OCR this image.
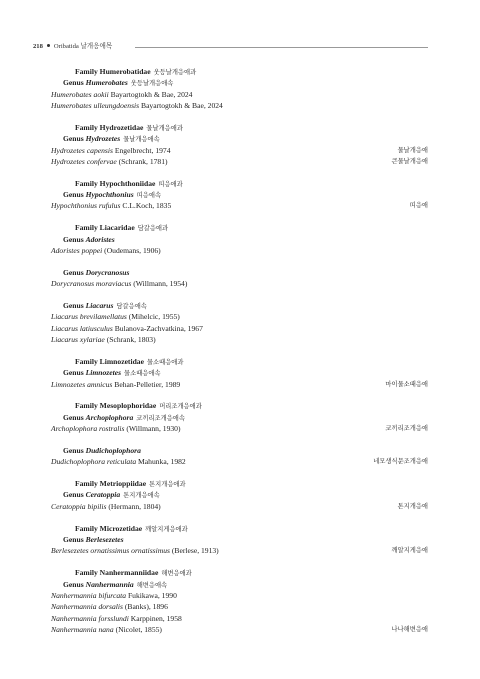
218 Oribatida 날개응애목
Family Humerobatidae 웃등날개응애과
Genus Humerobates 웃등날개응애속
Humerobates aokii Bayartogtokh & Bae, 2024
Humerobates ulleungdoensis Bayartogtokh & Bae, 2024
Family Hydrozetidae 물날개응애과
Genus Hydrozetes 물날개응애속
Hydrozetes capensis Engelbrecht, 1974	물날개응애
Hydrozetes confervae (Schrank, 1781)	큰물날개응애
Family Hypochthoniidae 띠응애과
Genus Hypochthonius 띠응애속
Hypochthonius rufulus C.L.Koch, 1835	띠응애
Family Liacaridae 담갈응애과
Genus Adoristes
Adoristes poppei (Oudemans, 1906)
Genus Dorycranosus
Dorycranosus moraviacus (Willmann, 1954)
Genus Liacarus 담갈응애속
Liacarus brevilamellatus (Mihelcic, 1955)
Liacarus latiusculus Bulanova-Zachvatkina, 1967
Liacarus xylariae (Schrank, 1803)
Family Limnozetidae 물소때응애과
Genus Limnozetes 물소때응애속
Limnozetes amnicus Behan-Pelletier, 1989	마이물소때응애
Family Mesoplophoridae 머리조개응애과
Genus Archoplophora 코끼리조개응애속
Archoplophora rostralis (Willmann, 1930)	코끼리조개응애
Genus Dudichoplophora
Dudichoplophora reticulata Mahunka, 1982	네모생식문조개응애
Family Metrioppiidae 톤지개응애과
Genus Ceratoppia 톤지개응애속
Ceratoppia bipilis (Hermann, 1804)	톤지개응애
Family Microzetidae 깨알지게응애과
Genus Berlesezetes
Berlesezetes ornatissimus ornatissimus (Berlese, 1913)	깨알지게응애
Family Nanhermanniidae 해변응애과
Genus Nanhermannia 해변응애속
Nanhermannia bifurcata Fukikawa, 1990
Nanhermannia dorsalis (Banks), 1896
Nanhermannia forsslundi Karppinen, 1958
Nanhermannia nana (Nicolet, 1855)	나나해변응애
